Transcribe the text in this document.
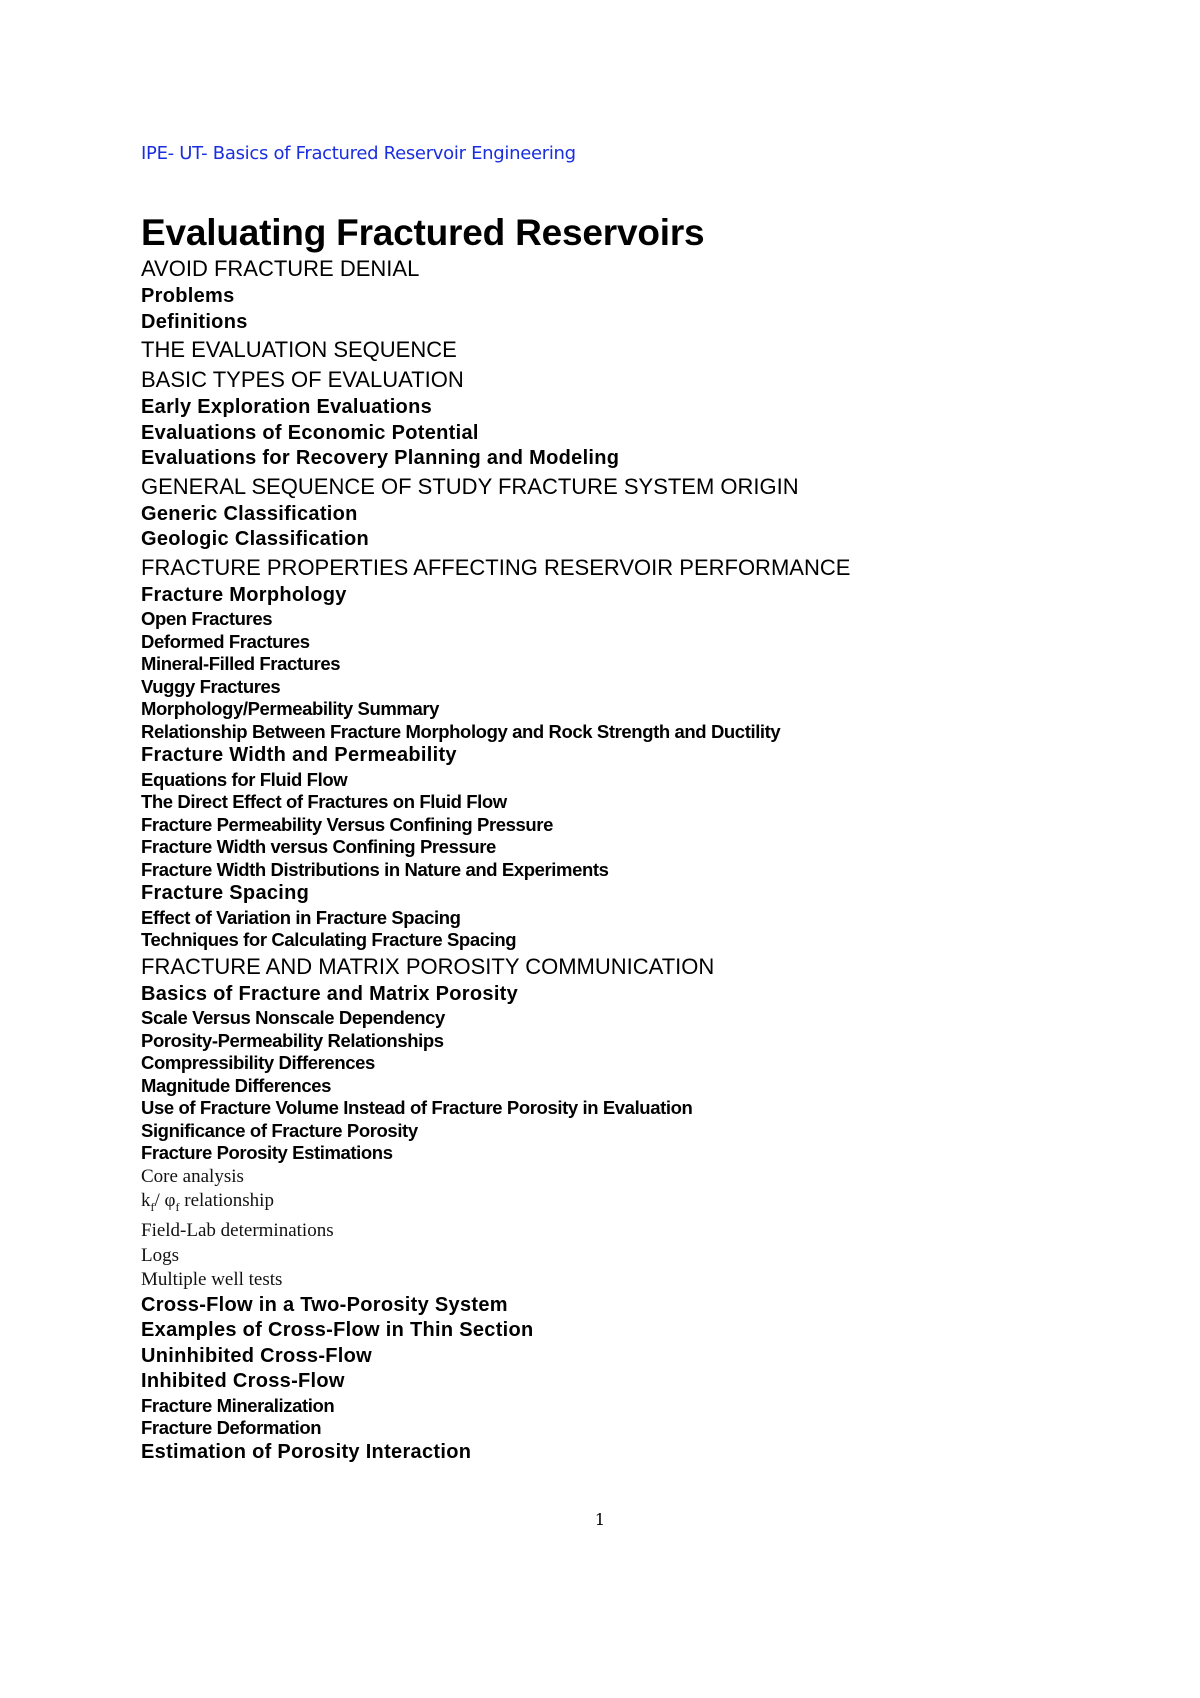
IPE- UT- Basics of Fractured Reservoir Engineering
Evaluating Fractured Reservoirs
AVOID FRACTURE DENIAL
Problems
Definitions
THE EVALUATION SEQUENCE
BASIC TYPES OF EVALUATION
Early Exploration Evaluations
Evaluations of Economic Potential
Evaluations for Recovery Planning and Modeling
GENERAL SEQUENCE OF STUDY FRACTURE SYSTEM ORIGIN
Generic Classification
Geologic Classification
FRACTURE PROPERTIES AFFECTING RESERVOIR PERFORMANCE
Fracture Morphology
Open Fractures
Deformed Fractures
Mineral-Filled Fractures
Vuggy Fractures
Morphology/Permeability Summary
Relationship Between Fracture Morphology and Rock Strength and Ductility
Fracture Width and Permeability
Equations for Fluid Flow
The Direct Effect of Fractures on Fluid Flow
Fracture Permeability Versus Confining Pressure
Fracture Width versus Confining Pressure
Fracture Width Distributions in Nature and Experiments
Fracture Spacing
Effect of Variation in Fracture Spacing
Techniques for Calculating Fracture Spacing
FRACTURE AND MATRIX POROSITY COMMUNICATION
Basics of Fracture and Matrix Porosity
Scale Versus Nonscale Dependency
Porosity-Permeability Relationships
Compressibility Differences
Magnitude Differences
Use of Fracture Volume Instead of Fracture Porosity in Evaluation
Significance of Fracture Porosity
Fracture Porosity Estimations
Core analysis
$k_f/$ $\varphi_f$ relationship
Field-Lab determinations
Logs
Multiple well tests
Cross-Flow in a Two-Porosity System
Examples of Cross-Flow in Thin Section
Uninhibited Cross-Flow
Inhibited Cross-Flow
Fracture Mineralization
Fracture Deformation
Estimation of Porosity Interaction
1
